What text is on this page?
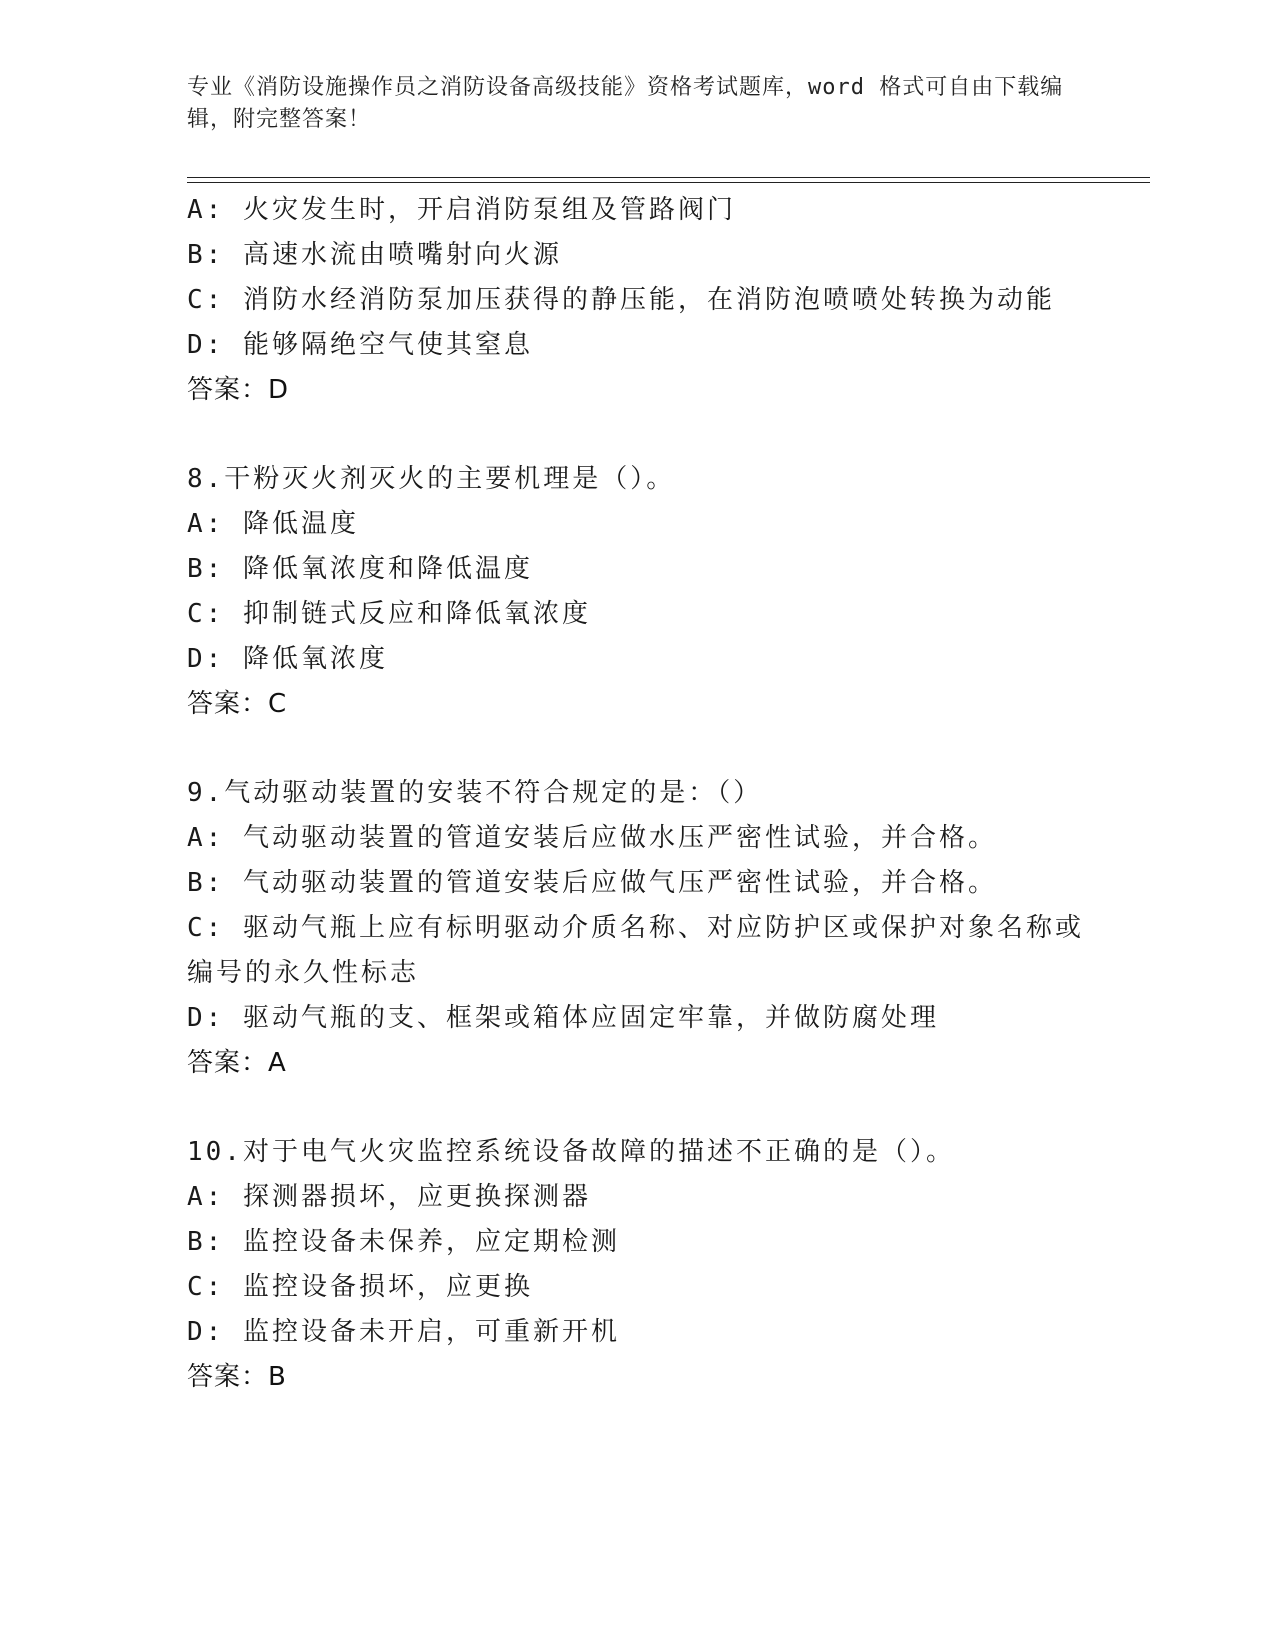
专业《消防设施操作员之消防设备高级技能》资格考试题库，word 格式可自由下载编辑，附完整答案！
A: 火灾发生时，开启消防泵组及管路阀门
B: 高速水流由喷嘴射向火源
C: 消防水经消防泵加压获得的静压能，在消防泡喷喷处转换为动能
D: 能够隔绝空气使其窒息
答案：D
8.干粉灭火剂灭火的主要机理是（）。
A: 降低温度
B: 降低氧浓度和降低温度
C: 抑制链式反应和降低氧浓度
D: 降低氧浓度
答案：C
9.气动驱动装置的安装不符合规定的是：（）
A: 气动驱动装置的管道安装后应做水压严密性试验，并合格。
B: 气动驱动装置的管道安装后应做气压严密性试验，并合格。
C: 驱动气瓶上应有标明驱动介质名称、对应防护区或保护对象名称或编号的永久性标志
D: 驱动气瓶的支、框架或箱体应固定牢靠，并做防腐处理
答案：A
10.对于电气火灾监控系统设备故障的描述不正确的是（）。
A: 探测器损坏，应更换探测器
B: 监控设备未保养，应定期检测
C: 监控设备损坏，应更换
D: 监控设备未开启，可重新开机
答案：B
